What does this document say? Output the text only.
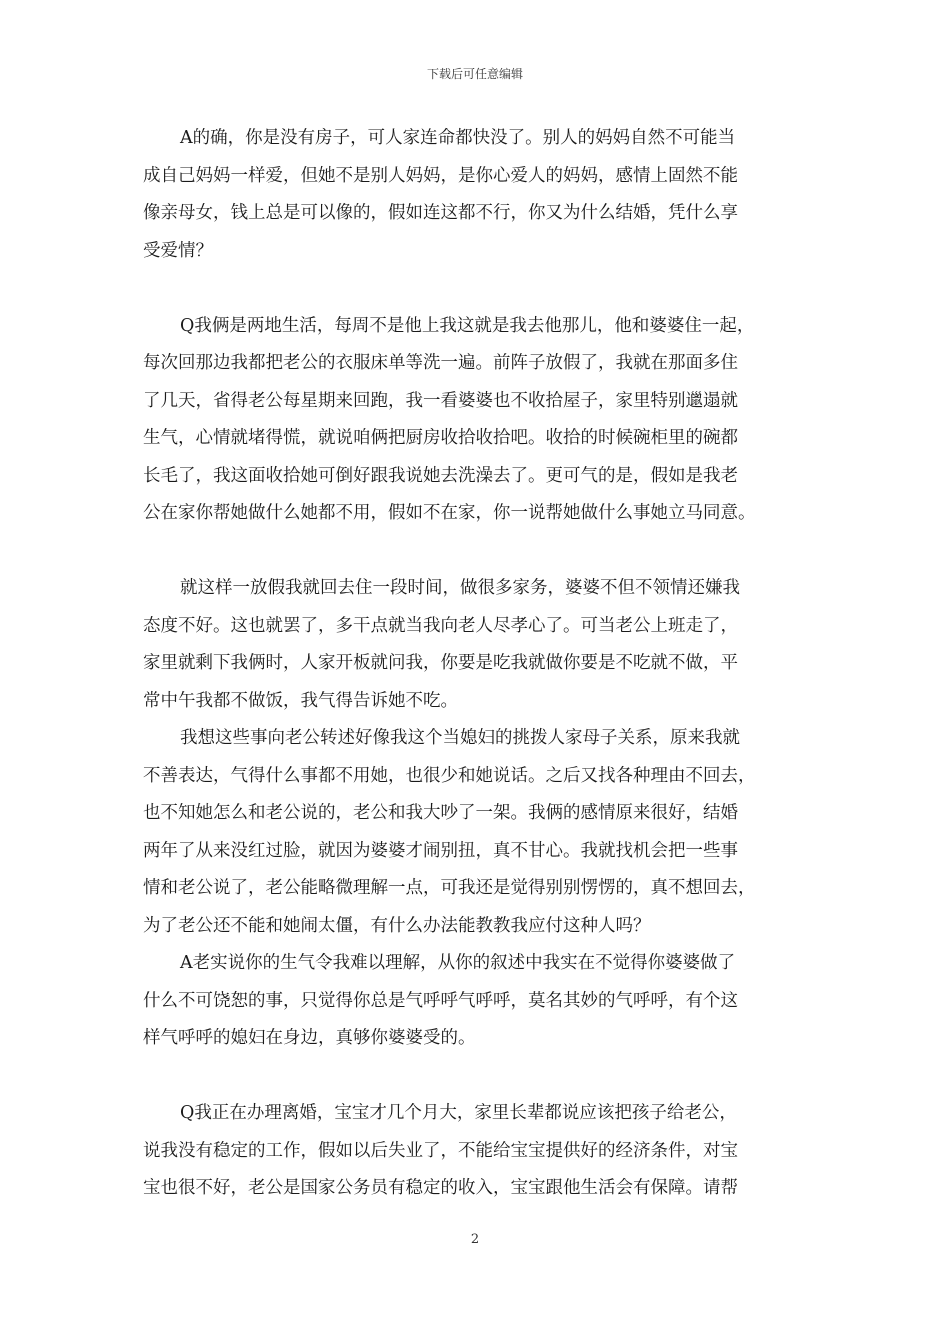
下载后可任意编辑
A的确，你是没有房子，可人家连命都快没了。别人的妈妈自然不可能当
成自己妈妈一样爱，但她不是别人妈妈，是你心爱人的妈妈，感情上固然不能
像亲母女，钱上总是可以像的，假如连这都不行，你又为什么结婚，凭什么享
受爱情？
Q我俩是两地生活，每周不是他上我这就是我去他那儿，他和婆婆住一起，
每次回那边我都把老公的衣服床单等洗一遍。前阵子放假了，我就在那面多住
了几天，省得老公每星期来回跑，我一看婆婆也不收拾屋子，家里特别邋遢就
生气，心情就堵得慌，就说咱俩把厨房收拾收拾吧。收拾的时候碗柜里的碗都
长毛了，我这面收拾她可倒好跟我说她去洗澡去了。更可气的是，假如是我老
公在家你帮她做什么她都不用，假如不在家，你一说帮她做什么事她立马同意。
就这样一放假我就回去住一段时间，做很多家务，婆婆不但不领情还嫌我
态度不好。这也就罢了，多干点就当我向老人尽孝心了。可当老公上班走了，
家里就剩下我俩时，人家开板就问我，你要是吃我就做你要是不吃就不做，平
常中午我都不做饭，我气得告诉她不吃。
我想这些事向老公转述好像我这个当媳妇的挑拨人家母子关系，原来我就
不善表达，气得什么事都不用她，也很少和她说话。之后又找各种理由不回去，
也不知她怎么和老公说的，老公和我大吵了一架。我俩的感情原来很好，结婚
两年了从来没红过脸，就因为婆婆才闹别扭，真不甘心。我就找机会把一些事
情和老公说了，老公能略微理解一点，可我还是觉得别别愣愣的，真不想回去，
为了老公还不能和她闹太僵，有什么办法能教教我应付这种人吗？
A老实说你的生气令我难以理解，从你的叙述中我实在不觉得你婆婆做了
什么不可饶恕的事，只觉得你总是气呼呼气呼呼，莫名其妙的气呼呼，有个这
样气呼呼的媳妇在身边，真够你婆婆受的。
Q我正在办理离婚，宝宝才几个月大，家里长辈都说应该把孩子给老公，
说我没有稳定的工作，假如以后失业了，不能给宝宝提供好的经济条件，对宝
宝也很不好，老公是国家公务员有稳定的收入，宝宝跟他生活会有保障。请帮
2
